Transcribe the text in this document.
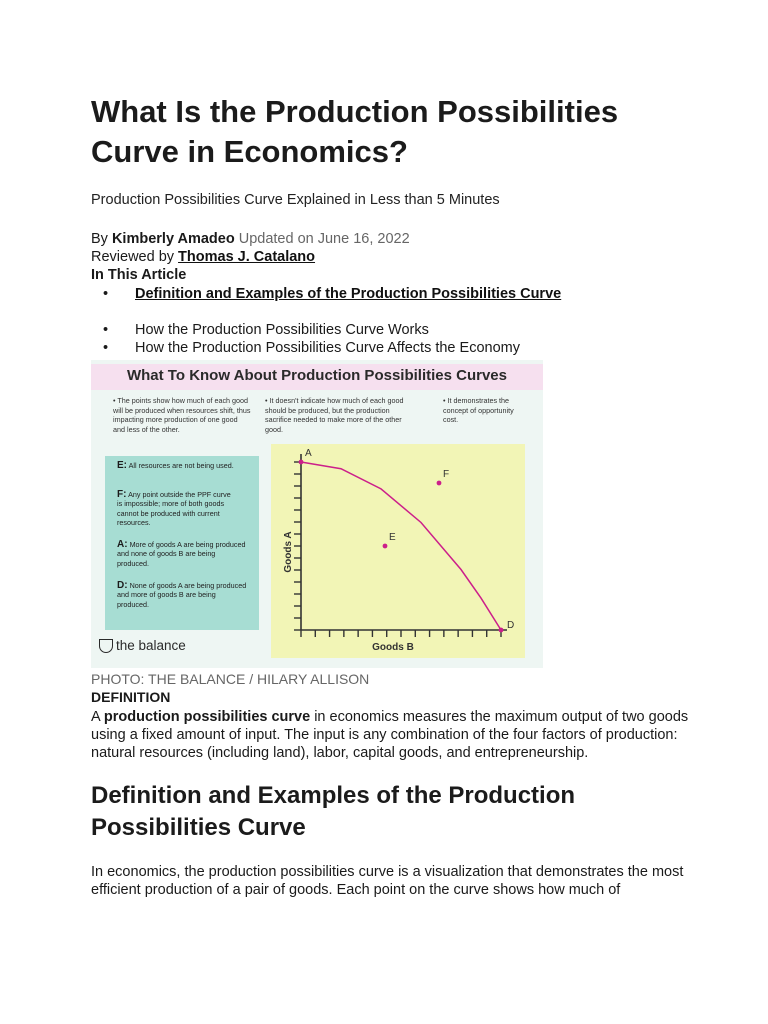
What Is the Production Possibilities Curve in Economics?
Production Possibilities Curve Explained in Less than 5 Minutes
By Kimberly Amadeo Updated on June 16, 2022
Reviewed by Thomas J. Catalano
In This Article
• Definition and Examples of the Production Possibilities Curve
• How the Production Possibilities Curve Works
• How the Production Possibilities Curve Affects the Economy
What To Know About Production Possibilities Curves
• The points show how much of each good will be produced when resources shift, thus impacting more production of one good and less of the other.
• It doesn't indicate how much of each good should be produced, but the production sacrifice needed to make more of the other good.
• It demonstrates the concept of opportunity cost.
E: All resources are not being used.
F: Any point outside the PPF curve is impossible; more of both goods cannot be produced with current resources.
A: More of goods A are being produced and none of goods B are being produced.
D: None of goods A are being produced and more of goods B are being produced.
A
F
E
D
Goods B
Goods A
the balance
PHOTO: THE BALANCE / HILARY ALLISON
DEFINITION
A production possibilities curve in economics measures the maximum output of two goods using a fixed amount of input. The input is any combination of the four factors of production: natural resources (including land), labor, capital goods, and entrepreneurship.
Definition and Examples of the Production Possibilities Curve
In economics, the production possibilities curve is a visualization that demonstrates the most efficient production of a pair of goods. Each point on the curve shows how much of
